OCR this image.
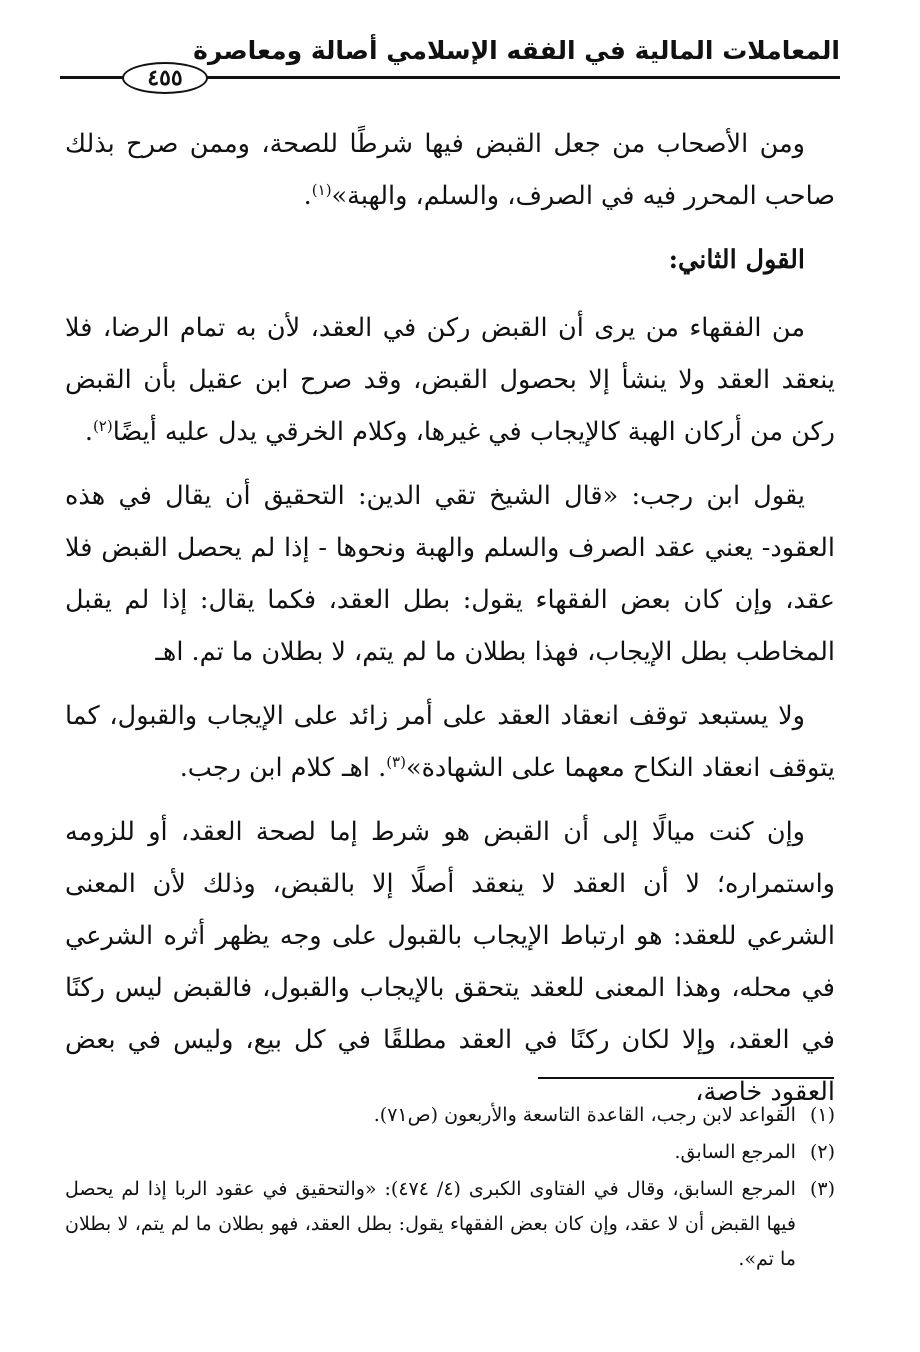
المعاملات المالية في الفقه الإسلامي أصالة ومعاصرة
٤٥٥

ومن الأصحاب من جعل القبض فيها شرطًا للصحة، وممن صرح بذلك صاحب المحرر فيه في الصرف، والسلم، والهبة»$^{(١)}$.

القول الثاني:

من الفقهاء من يرى أن القبض ركن في العقد، لأن به تمام الرضا، فلا ينعقد العقد ولا ينشأ إلا بحصول القبض، وقد صرح ابن عقيل بأن القبض ركن من أركان الهبة كالإيجاب في غيرها، وكلام الخرقي يدل عليه أيضًا$^{(٢)}$.

يقول ابن رجب: «قال الشيخ تقي الدين: التحقيق أن يقال في هذه العقود- يعني عقد الصرف والسلم والهبة ونحوها - إذا لم يحصل القبض فلا عقد، وإن كان بعض الفقهاء يقول: بطل العقد، فكما يقال: إذا لم يقبل المخاطب بطل الإيجاب، فهذا بطلان ما لم يتم، لا بطلان ما تم. اهـ

ولا يستبعد توقف انعقاد العقد على أمر زائد على الإيجاب والقبول، كما يتوقف انعقاد النكاح معهما على الشهادة»$^{(٣)}$. اهـ كلام ابن رجب.

وإن كنت ميالًا إلى أن القبض هو شرط إما لصحة العقد، أو للزومه واستمراره؛ لا أن العقد لا ينعقد أصلًا إلا بالقبض، وذلك لأن المعنى الشرعي للعقد: هو ارتباط الإيجاب بالقبول على وجه يظهر أثره الشرعي في محله، وهذا المعنى للعقد يتحقق بالإيجاب والقبول، فالقبض ليس ركنًا في العقد، وإلا لكان ركنًا في العقد مطلقًا في كل بيع، وليس في بعض العقود خاصة،

(١)
القواعد لابن رجب، القاعدة التاسعة والأربعون (ص٧١).
(٢)
المرجع السابق.
(٣)
المرجع السابق، وقال في الفتاوى الكبرى (٤/ ٤٧٤): «والتحقيق في عقود الربا إذا لم يحصل فيها القبض أن لا عقد، وإن كان بعض الفقهاء يقول: بطل العقد، فهو بطلان ما لم يتم، لا بطلان ما تم».
